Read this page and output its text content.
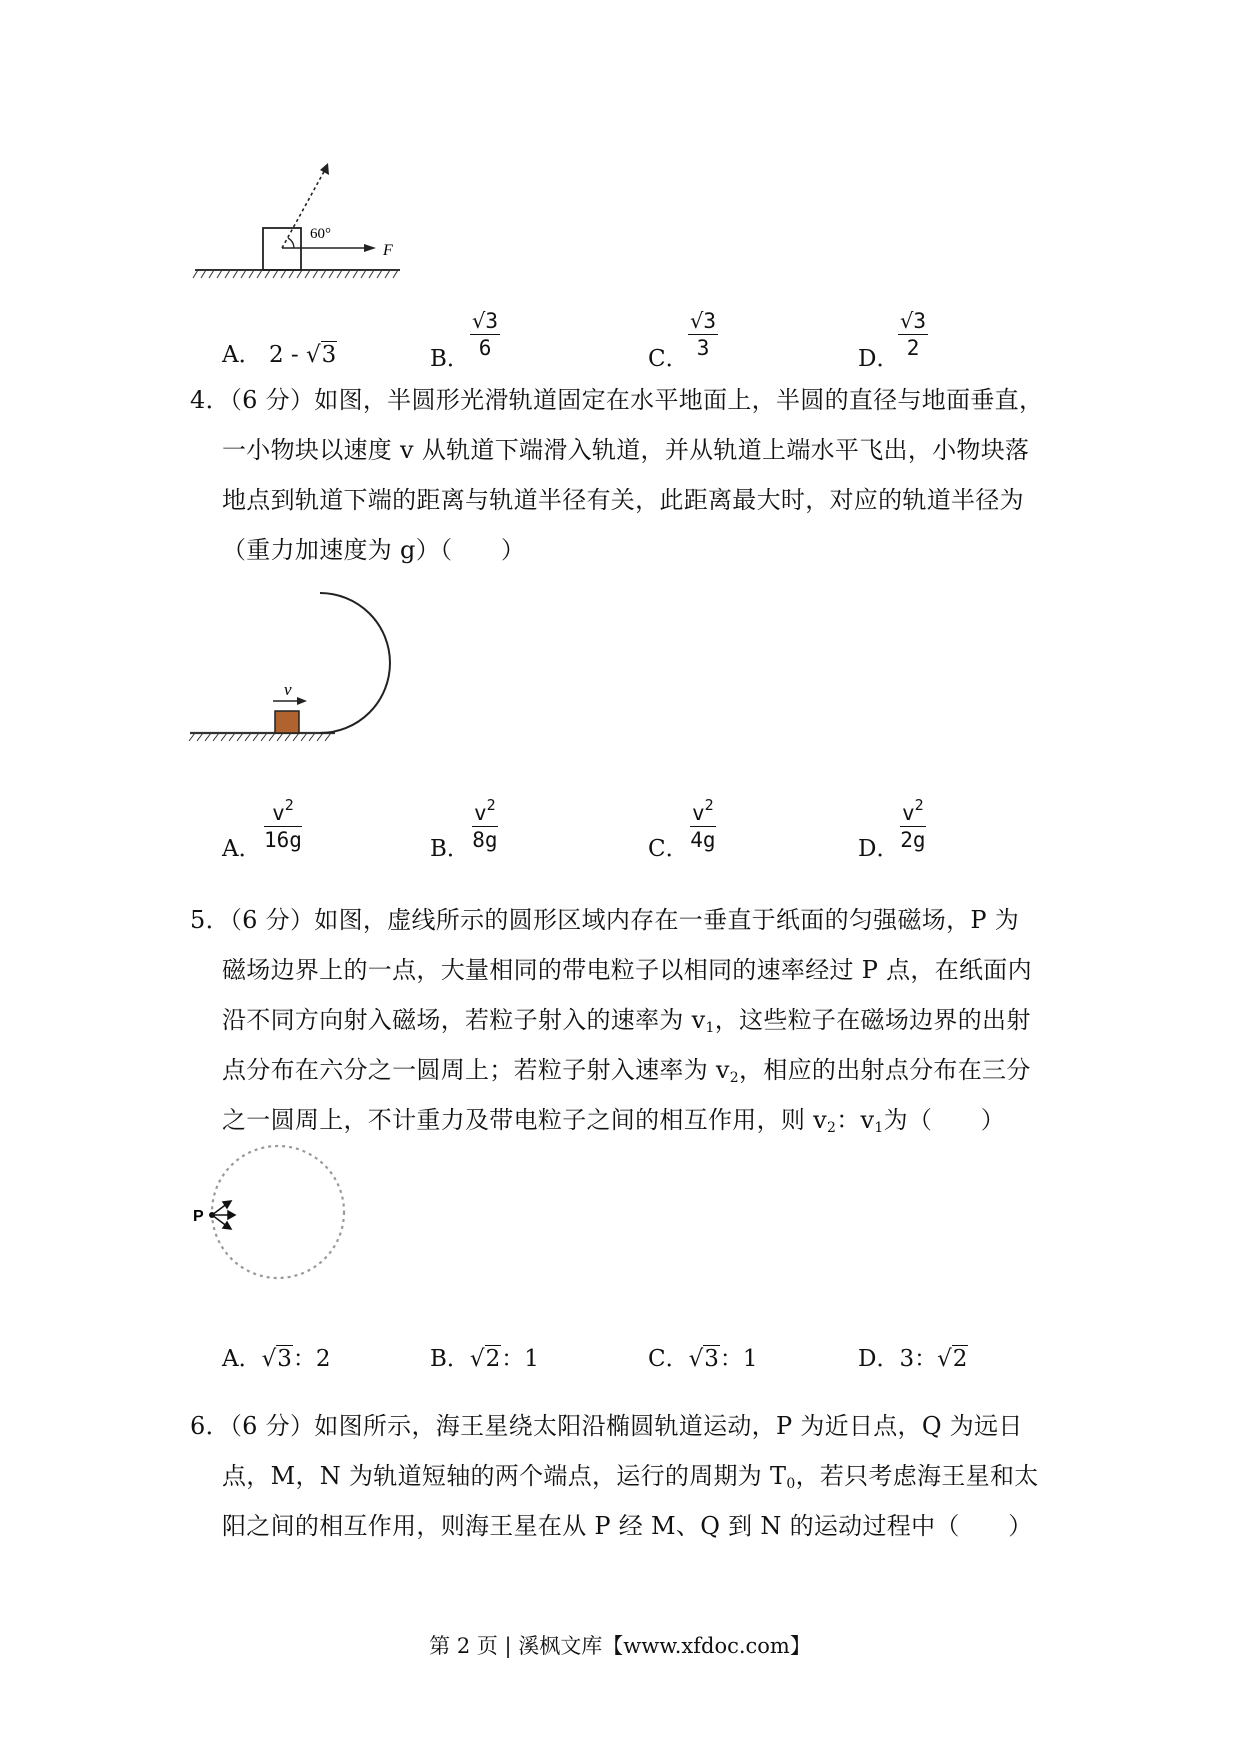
60°
F
A． 2 - √3	B．
√3
6	C．
√3
3	D．
√3
2
4．（6 分）如图，半圆形光滑轨道固定在水平地面上，半圆的直径与地面垂直，
一小物块以速度 v 从轨道下端滑入轨道，并从轨道上端水平飞出，小物块落
地点到轨道下端的距离与轨道半径有关，此距离最大时，对应的轨道半径为
（重力加速度为 g）（　　）
v
A．
$v^2$
16g	B．
$v^2$
8g	C．
$v^2$
4g	D．
$v^2$
2g
5．（6 分）如图，虚线所示的圆形区域内存在一垂直于纸面的匀强磁场，P 为
磁场边界上的一点，大量相同的带电粒子以相同的速率经过 P 点，在纸面内
沿不同方向射入磁场，若粒子射入的速率为 $v_1$，这些粒子在磁场边界的出射
点分布在六分之一圆周上；若粒子射入速率为 $v_2$，相应的出射点分布在三分
之一圆周上，不计重力及带电粒子之间的相互作用，则 $v_2$：$v_1$为（　　）
P
A．√3：2	B．√2：1	C．√3：1	D．3：√2
6．（6 分）如图所示，海王星绕太阳沿椭圆轨道运动，P 为近日点，Q 为远日
点，M，N 为轨道短轴的两个端点，运行的周期为 $T_0$，若只考虑海王星和太
阳之间的相互作用，则海王星在从 P 经 M、Q 到 N 的运动过程中（　　）
第 2 页 | 溪枫文库【www.xfdoc.com】
